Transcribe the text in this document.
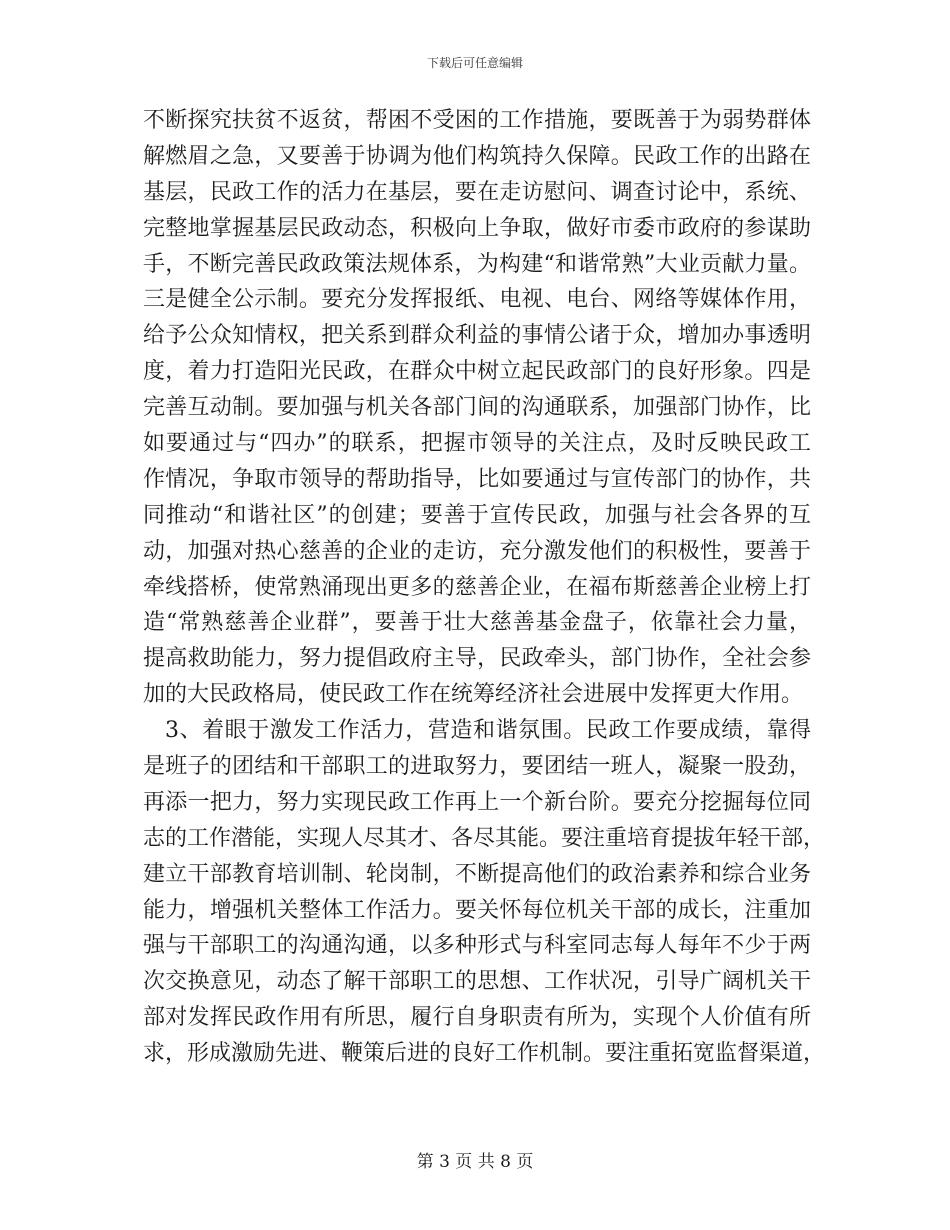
下载后可任意编辑
不断探究扶贫不返贫，帮困不受困的工作措施，要既善于为弱势群体
解燃眉之急，又要善于协调为他们构筑持久保障。民政工作的出路在
基层，民政工作的活力在基层，要在走访慰问、调查讨论中，系统、
完整地掌握基层民政动态，积极向上争取，做好市委市政府的参谋助
手，不断完善民政政策法规体系，为构建“和谐常熟”大业贡献力量。
三是健全公示制。要充分发挥报纸、电视、电台、网络等媒体作用，
给予公众知情权，把关系到群众利益的事情公诸于众，增加办事透明
度，着力打造阳光民政，在群众中树立起民政部门的良好形象。四是
完善互动制。要加强与机关各部门间的沟通联系，加强部门协作，比
如要通过与“四办”的联系，把握市领导的关注点，及时反映民政工
作情况，争取市领导的帮助指导，比如要通过与宣传部门的协作，共
同推动“和谐社区”的创建；要善于宣传民政，加强与社会各界的互
动，加强对热心慈善的企业的走访，充分激发他们的积极性，要善于
牵线搭桥，使常熟涌现出更多的慈善企业，在福布斯慈善企业榜上打
造“常熟慈善企业群”，要善于壮大慈善基金盘子，依靠社会力量，
提高救助能力，努力提倡政府主导，民政牵头，部门协作，全社会参
加的大民政格局，使民政工作在统筹经济社会进展中发挥更大作用。
3、着眼于激发工作活力，营造和谐氛围。民政工作要成绩，靠得
是班子的团结和干部职工的进取努力，要团结一班人，凝聚一股劲，
再添一把力，努力实现民政工作再上一个新台阶。要充分挖掘每位同
志的工作潜能，实现人尽其才、各尽其能。要注重培育提拔年轻干部，
建立干部教育培训制、轮岗制，不断提高他们的政治素养和综合业务
能力，增强机关整体工作活力。要关怀每位机关干部的成长，注重加
强与干部职工的沟通沟通，以多种形式与科室同志每人每年不少于两
次交换意见，动态了解干部职工的思想、工作状况，引导广阔机关干
部对发挥民政作用有所思，履行自身职责有所为，实现个人价值有所
求，形成激励先进、鞭策后进的良好工作机制。要注重拓宽监督渠道，
第 3 页 共 8 页
